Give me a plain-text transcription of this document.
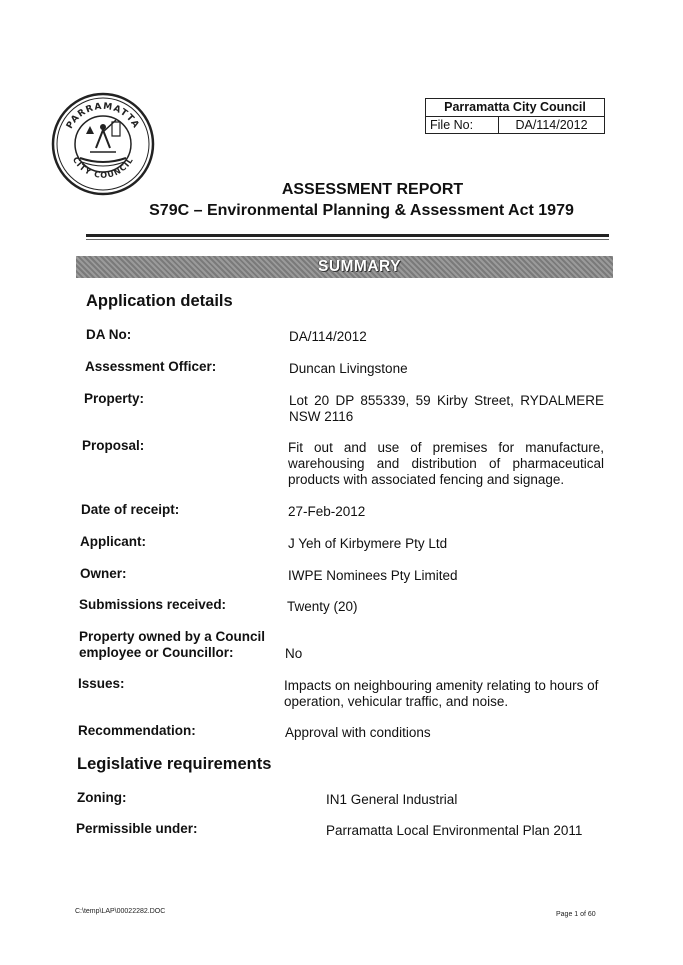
PARRAMATTA
CITY COUNCIL
Parramatta City Council
File No:	DA/114/2012
ASSESSMENT REPORT
S79C – Environmental Planning & Assessment Act 1979
SUMMARY
Application details
DA No:	DA/114/2012
Assessment Officer:	Duncan Livingstone
Property:	Lot 20 DP 855339, 59 Kirby Street, RYDALMERE NSW 2116
Proposal:	Fit out and use of premises for manufacture, warehousing and distribution of pharmaceutical products with associated fencing and signage.
Date of receipt:	27-Feb-2012
Applicant:	J Yeh of Kirbymere Pty Ltd
Owner:	IWPE Nominees Pty Limited
Submissions received:	Twenty (20)
Property owned by a Council employee or Councillor:	No
Issues:	Impacts on neighbouring amenity relating to hours of operation, vehicular traffic, and noise.
Recommendation:	Approval with conditions
Legislative requirements
Zoning:	IN1 General Industrial
Permissible under:	Parramatta Local Environmental Plan 2011
C:\temp\LAP\00022282.DOC	Page 1 of 60
